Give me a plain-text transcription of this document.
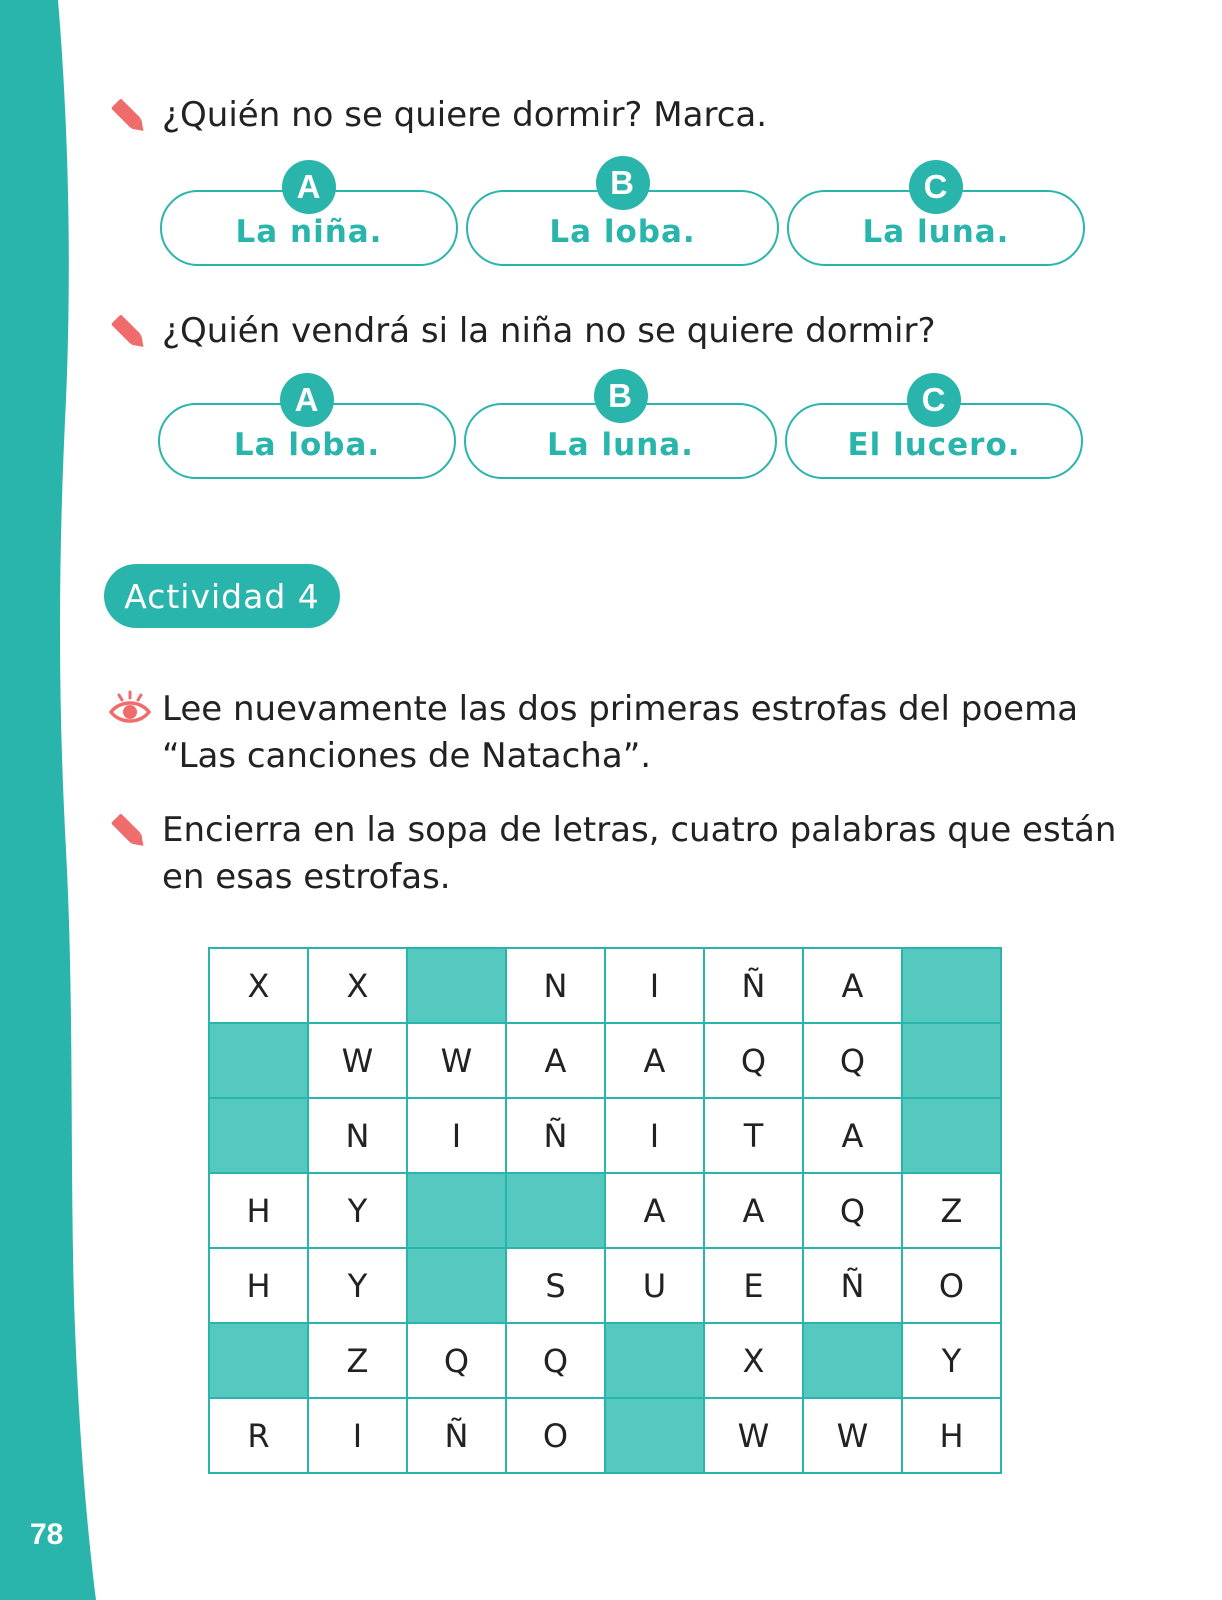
78
¿Quién no se quiere dormir? Marca.
A
La niña.
B
La loba.
C
La luna.
¿Quién vendrá si la niña no se quiere dormir?
A
La loba.
B
La luna.
C
El lucero.
Actividad 4
Lee nuevamente las dos primeras estrofas del poema
“Las canciones de Natacha”.
Encierra en la sopa de letras, cuatro palabras que están
en esas estrofas.
X	X		N	I	Ñ	A	
	W	W	A	A	Q	Q	
	N	I	Ñ	I	T	A	
H	Y			A	A	Q	Z
H	Y		S	U	E	Ñ	O
	Z	Q	Q		X		Y
R	I	Ñ	O		W	W	H
